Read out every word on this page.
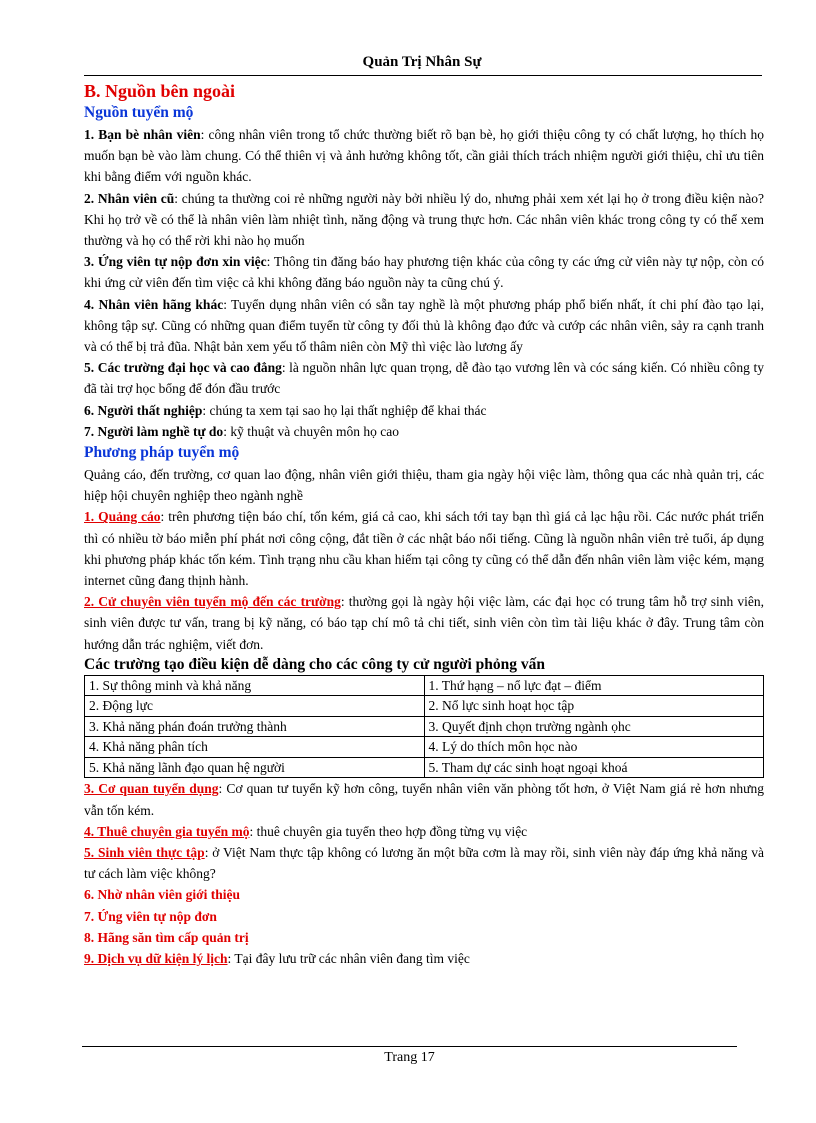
Quản Trị Nhân Sự
B. Nguồn bên ngoài
Nguồn tuyển mộ

1. Bạn bè nhân viên: công nhân viên trong tổ chức thường biết rõ bạn bè, họ giới thiệu công ty có chất lượng, họ thích họ muốn bạn bè vào làm chung. Có thể thiên vị và ảnh hưởng không tốt, cần giải thích trách nhiệm người giới thiệu, chỉ ưu tiên khi bằng điểm với nguồn khác.

2. Nhân viên cũ: chúng ta thường coi rẻ những người này bởi nhiều lý do, nhưng phải xem xét lại họ ở trong điều kiện nào? Khi họ trở về có thể là nhân viên làm nhiệt tình, năng động và trung thực hơn. Các nhân viên khác trong công ty có thể xem thường và họ có thể rời khi nào họ muốn

3. Ứng viên tự nộp đơn xin việc: Thông tin đăng báo hay phương tiện khác của công ty các ứng cử viên này tự nộp, còn có khi ứng cử viên đến tìm việc cả khi không đăng báo nguồn này ta cũng chú ý.

4. Nhân viên hãng khác: Tuyển dụng nhân viên có sẵn tay nghề là một phương pháp phổ biến nhất, ít chi phí đào tạo lại, không tập sự. Cũng có những quan điểm tuyển từ công ty đối thủ là không đạo đức và cướp các nhân viên, sảy ra cạnh tranh và có thể bị trả đũa. Nhật bản xem yếu tố thâm niên còn Mỹ thì việc lào lương ấy

5. Các trường đại học và cao đẳng: là nguồn nhân lực quan trọng, dễ đào tạo vương lên và cóc sáng kiến. Có nhiều công ty đã tài trợ học bổng để đón đầu trước

6. Người thất nghiệp: chúng ta xem tại sao họ lại thất nghiệp để khai thác

7. Người làm nghề tự do: kỹ thuật và chuyên môn họ cao

Phương pháp tuyển mộ

Quảng cáo, đến trường, cơ quan lao động, nhân viên giới thiệu, tham gia ngày hội việc làm, thông qua các nhà quản trị, các hiệp hội chuyên nghiệp theo ngành nghề

1. Quảng cáo: trên phương tiện báo chí, tốn kém, giá cả cao, khi sách tới tay bạn thì giá cả lạc hậu rồi. Các nước phát triển thì có nhiều tờ báo miễn phí phát nơi công cộng, đắt tiền ở các nhật báo nổi tiếng. Cũng là nguồn nhân viên trẻ tuổi, áp dụng khi phương pháp khác tốn kém. Tình trạng nhu cầu khan hiếm tại công ty cũng có thể dẫn đến nhân viên làm việc kém, mạng internet cũng đang thịnh hành.

2. Cử chuyên viên tuyển mộ đến các trường: thường gọi là ngày hội việc làm, các đại học có trung tâm hỗ trợ sinh viên, sinh viên được tư vấn, trang bị kỹ năng, có báo tạp chí mô tả chi tiết, sinh viên còn tìm tài liệu khác ở đây. Trung tâm còn hướng dẫn trác nghiệm, viết đơn.

Các trường tạo điều kiện dễ dàng cho các công ty cử người phỏng vấn
1. Sự thông minh và khả năng	1. Thứ hạng – nổ lực đạt – điểm
2. Động lực	2. Nổ lực sinh hoạt học tập
3. Khả năng phán đoán trưởng thành	3. Quyết định chọn trường ngành ọhc
4. Khả năng phân tích	4. Lý do thích môn học nào
5. Khả năng lãnh đạo quan hệ người	5. Tham dự các sinh hoạt ngoại khoá

3. Cơ quan tuyển dụng: Cơ quan tư tuyển kỹ hơn công, tuyển nhân viên văn phòng tốt hơn, ở Việt Nam giá rẻ hơn nhưng vẫn tốn kém.

4. Thuê chuyên gia tuyển mộ: thuê chuyên gia tuyển theo hợp đồng từng vụ việc

5. Sinh viên thực tập: ở Việt Nam thực tập không có lương ăn một bữa cơm là may rồi, sinh viên này đáp ứng khả năng và tư cách làm việc không?

6. Nhờ nhân viên giới thiệu

7. Ứng viên tự nộp đơn

8. Hãng săn tìm cấp quản trị

9. Dịch vụ dữ kiện lý lịch: Tại đây lưu trữ các nhân viên đang tìm việc

Trang 17
